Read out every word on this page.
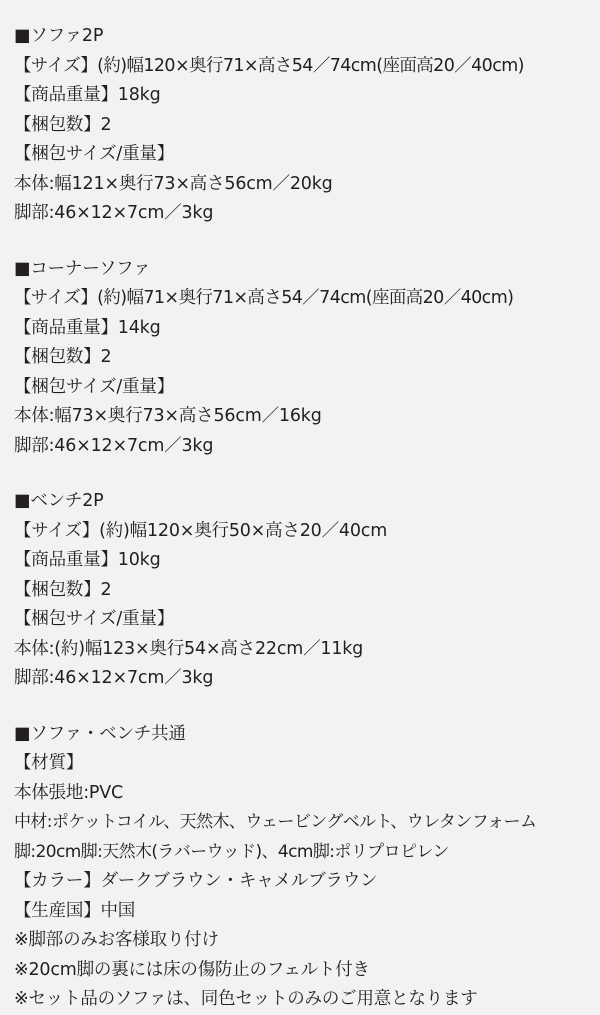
■ソファ2P
【サイズ】(約)幅120×奥行71×高さ54／74cm(座面高20／40cm)
【商品重量】18kg
【梱包数】2
【梱包サイズ/重量】
本体:幅121×奥行73×高さ56cm／20kg
脚部:46×12×7cm／3kg
■コーナーソファ
【サイズ】(約)幅71×奥行71×高さ54／74cm(座面高20／40cm)
【商品重量】14kg
【梱包数】2
【梱包サイズ/重量】
本体:幅73×奥行73×高さ56cm／16kg
脚部:46×12×7cm／3kg
■ベンチ2P
【サイズ】(約)幅120×奥行50×高さ20／40cm
【商品重量】10kg
【梱包数】2
【梱包サイズ/重量】
本体:(約)幅123×奥行54×高さ22cm／11kg
脚部:46×12×7cm／3kg
■ソファ・ベンチ共通
【材質】
本体張地:PVC
中材:ポケットコイル、天然木、ウェービングベルト、ウレタンフォーム
脚:20cm脚:天然木(ラバーウッド)、4cm脚:ポリプロピレン
【カラー】ダークブラウン・キャメルブラウン
【生産国】中国
※脚部のみお客様取り付け
※20cm脚の裏には床の傷防止のフェルト付き
※セット品のソファは、同色セットのみのご用意となります
